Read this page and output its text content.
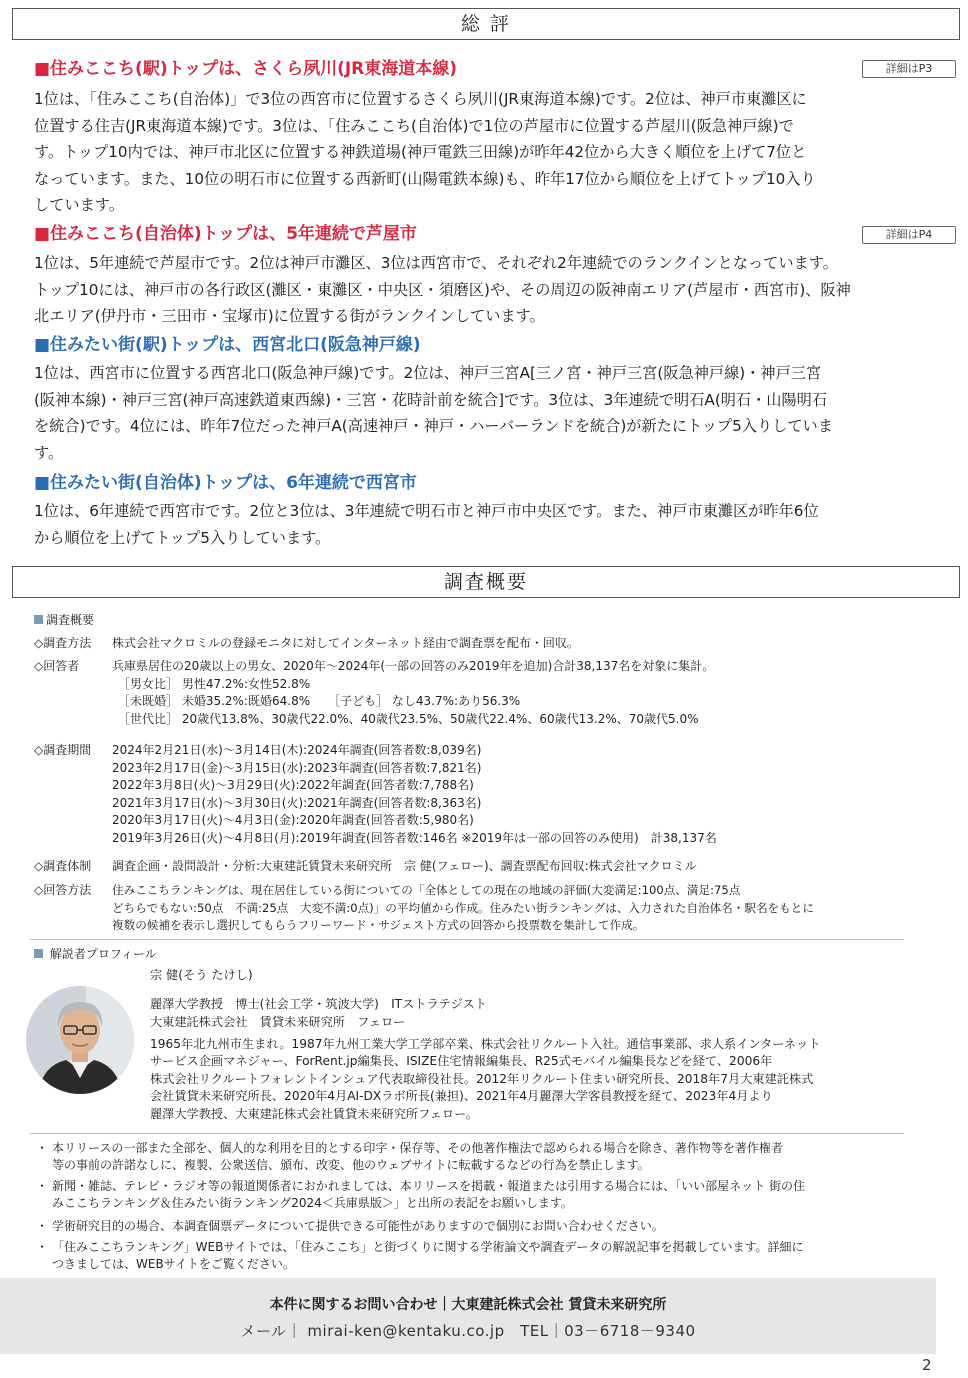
総 評
■住みここち(駅)トップは、さくら夙川(JR東海道本線)	詳細はP3
1位は、「住みここち(自治体)」で3位の西宮市に位置するさくら夙川(JR東海道本線)です。2位は、神戸市東灘区に
位置する住吉(JR東海道本線)です。3位は、「住みここち(自治体)で1位の芦屋市に位置する芦屋川(阪急神戸線)で
す。トップ10内では、神戸市北区に位置する神鉄道場(神戸電鉄三田線)が昨年42位から大きく順位を上げて7位と
なっています。また、10位の明石市に位置する西新町(山陽電鉄本線)も、昨年17位から順位を上げてトップ10入り
しています。
■住みここち(自治体)トップは、5年連続で芦屋市	詳細はP4
1位は、5年連続で芦屋市です。2位は神戸市灘区、3位は西宮市で、それぞれ2年連続でのランクインとなっています。
トップ10には、神戸市の各行政区(灘区・東灘区・中央区・須磨区)や、その周辺の阪神南エリア(芦屋市・西宮市)、阪神
北エリア(伊丹市・三田市・宝塚市)に位置する街がランクインしています。
■住みたい街(駅)トップは、西宮北口(阪急神戸線)
1位は、西宮市に位置する西宮北口(阪急神戸線)です。2位は、神戸三宮A[三ノ宮・神戸三宮(阪急神戸線)・神戸三宮
(阪神本線)・神戸三宮(神戸高速鉄道東西線)・三宮・花時計前を統合]です。3位は、3年連続で明石A(明石・山陽明石
を統合)です。4位には、昨年7位だった神戸A(高速神戸・神戸・ハーバーランドを統合)が新たにトップ5入りしていま
す。
■住みたい街(自治体)トップは、6年連続で西宮市
1位は、6年連続で西宮市です。2位と3位は、3年連続で明石市と神戸市中央区です。また、神戸市東灘区が昨年6位
から順位を上げてトップ5入りしています。
調査概要
調査概要
◇調査方法 株式会社マクロミルの登録モニタに対してインターネット経由で調査票を配布・回収。
◇回答者	兵庫県居住の20歳以上の男女、2020年～2024年(一部の回答のみ2019年を追加)合計38,137名を対象に集計。
［男女比］ 男性47.2%:女性52.8%
［未既婚］ 未婚35.2%:既婚64.8%　　［子ども］ なし43.7%:あり56.3%
［世代比］ 20歳代13.8%、30歳代22.0%、40歳代23.5%、50歳代22.4%、60歳代13.2%、70歳代5.0%
◇調査期間 2024年2月21日(水)～3月14日(木):2024年調査(回答者数:8,039名)
2023年2月17日(金)～3月15日(水):2023年調査(回答者数:7,821名)
2022年3月8日(火)～3月29日(火):2022年調査(回答者数:7,788名)
2021年3月17日(水)～3月30日(火):2021年調査(回答者数:8,363名)
2020年3月17日(火)～4月3日(金):2020年調査(回答者数:5,980名)
2019年3月26日(火)～4月8日(月):2019年調査(回答者数:146名 ※2019年は一部の回答のみ使用)　計38,137名
◇調査体制 調査企画・設問設計・分析:大東建託賃貸未来研究所　宗 健(フェロー)、調査票配布回収:株式会社マクロミル
◇回答方法 住みここちランキングは、現在居住している街についての「全体としての現在の地域の評価(大変満足:100点、満足:75点
どちらでもない:50点　不満:25点　大変不満:0点)」の平均値から作成。住みたい街ランキングは、入力された自治体名・駅名をもとに
複数の候補を表示し選択してもらうフリーワード・サジェスト方式の回答から投票数を集計して作成。
解説者プロフィール
宗 健(そう たけし)
麗澤大学教授　博士(社会工学・筑波大学)　ITストラテジスト
大東建託株式会社　賃貸未来研究所　フェロー
1965年北九州市生まれ。1987年九州工業大学工学部卒業、株式会社リクルート入社。通信事業部、求人系インターネット
サービス企画マネジャー、ForRent.jp編集長、ISIZE住宅情報編集長、R25式モバイル編集長などを経て、2006年
株式会社リクルートフォレントインシュア代表取締役社長。2012年リクルート住まい研究所長、2018年7月大東建託株式
会社賃貸未来研究所長、2020年4月AI-DXラボ所長(兼担)、2021年4月麗澤大学客員教授を経て、2023年4月より
麗澤大学教授、大東建託株式会社賃貸未来研究所フェロー。
・ 本リリースの一部また全部を、個人的な利用を目的とする印字・保存等、その他著作権法で認められる場合を除き、著作物等を著作権者
等の事前の許諾なしに、複製、公衆送信、頒布、改変、他のウェブサイトに転載するなどの行為を禁止します。
・ 新聞・雑誌、テレビ・ラジオ等の報道関係者におかれましては、本リリースを掲載・報道または引用する場合には、「いい部屋ネット 街の住
みここちランキング＆住みたい街ランキング2024＜兵庫県版＞」と出所の表記をお願いします。
・ 学術研究目的の場合、本調査個票データについて提供できる可能性がありますので個別にお問い合わせください。
・ 「住みここちランキング」WEBサイトでは、「住みここち」と街づくりに関する学術論文や調査データの解説記事を掲載しています。詳細に
つきましては、WEBサイトをご覧ください。
本件に関するお問い合わせ｜大東建託株式会社 賃貸未来研究所
メール｜ mirai-ken@kentaku.co.jp　TEL｜03－6718－9340
2
